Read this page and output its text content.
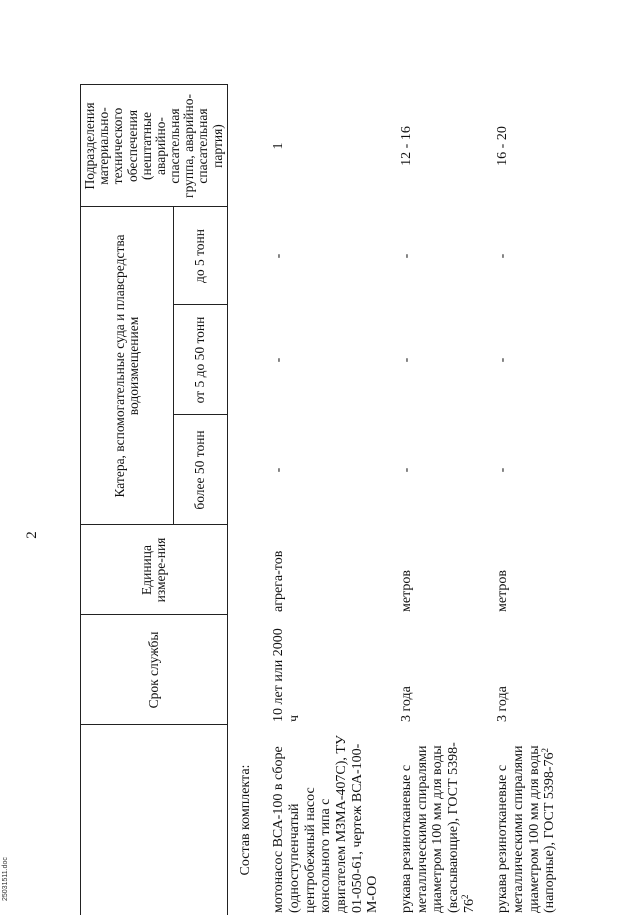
2
	Срок службы	Единица измере-ния	Катера, вспомогательные суда и плавсредства водоизмещением			Подразделения материально-технического обеспечения (нештатные аварийно-спасательная группа, аварийно-спасательная партия)
			более 50 тонн	от 5 до 50 тонн	до 5 тонн	
Состав комплекта:						
мотонасос ВСА-100 в сборе (одноступенчатый центробежный насос консольного типа с двигателем МЗМА-407С), ТУ 01-050-61, чертеж ВСА-100-М-ОО	10 лет или 2000 ч	агрега-тов	-	-	-	1
рукава резинотканевые с металлическими спиралями диаметром 100 мм для воды (всасывающие), ГОСТ $5398-76^2$	3 года	метров	-	-	-	12 - 16
рукава резинотканевые с металлическими спиралями диаметром 100 мм для воды (напорные), ГОСТ $5398-76^2$	3 года	метров	-	-	-	16 - 20
25031511.doc
